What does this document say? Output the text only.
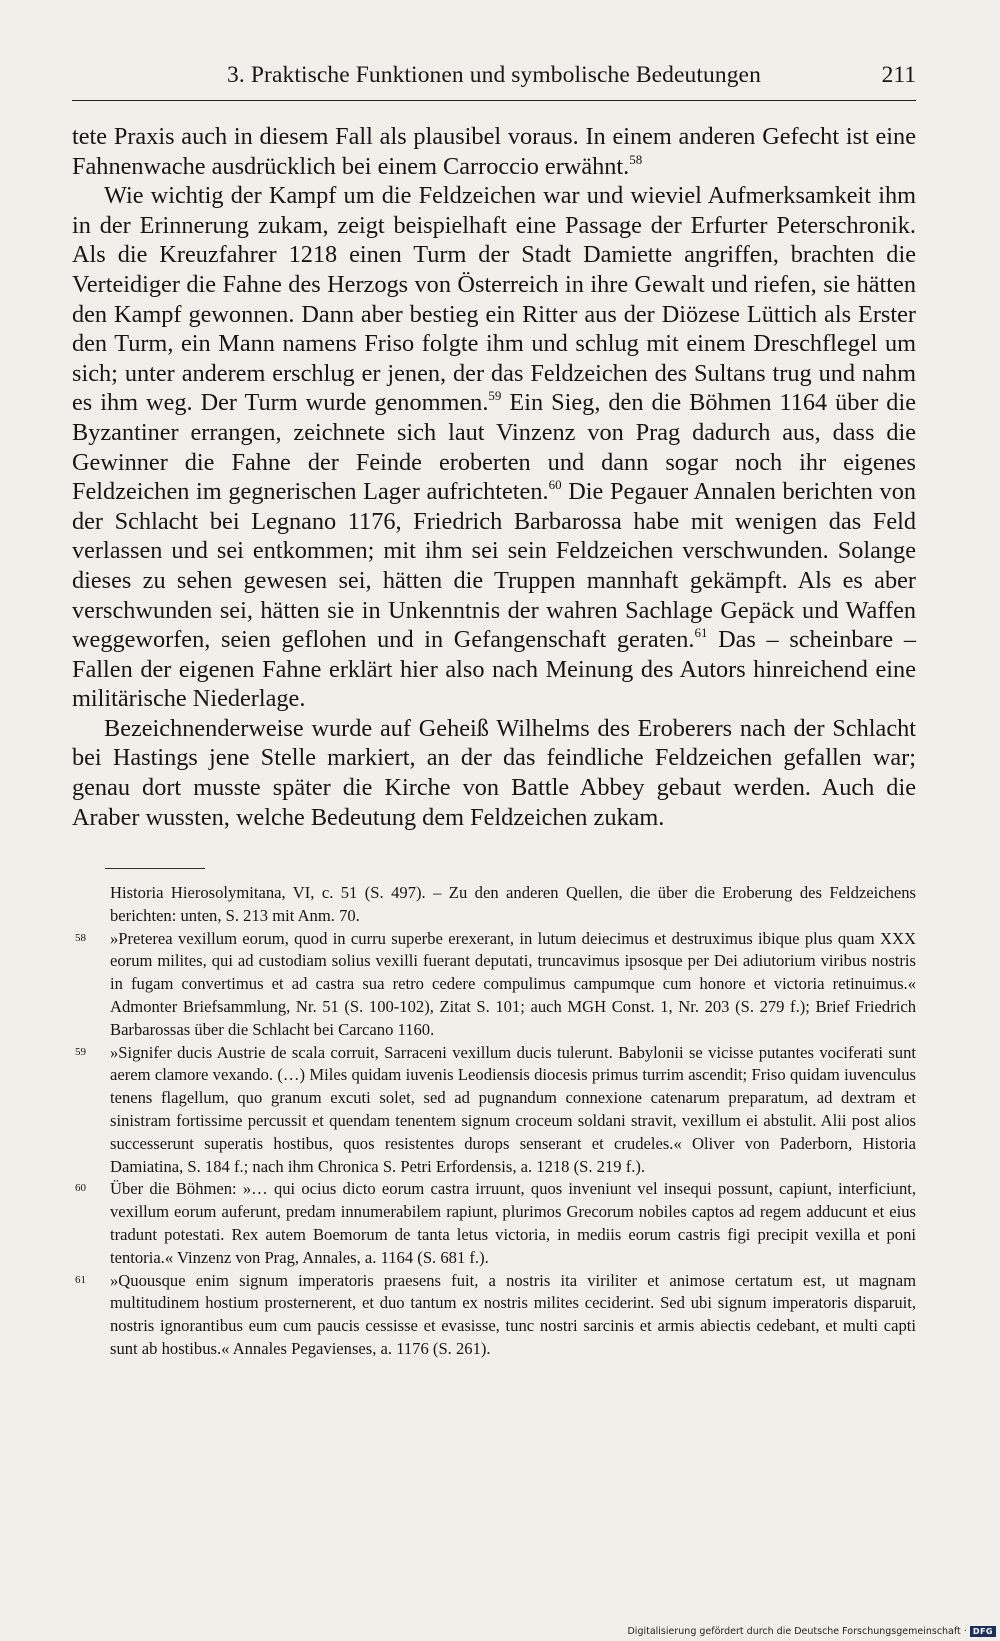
3. Praktische Funktionen und symbolische Bedeutungen	211

tete Praxis auch in diesem Fall als plausibel voraus. In einem anderen Gefecht ist eine Fahnenwache ausdrücklich bei einem Carroccio erwähnt.$^{58}$

Wie wichtig der Kampf um die Feldzeichen war und wieviel Aufmerksamkeit ihm in der Erinnerung zukam, zeigt beispielhaft eine Passage der Erfurter Peterschronik. Als die Kreuzfahrer 1218 einen Turm der Stadt Damiette angriffen, brachten die Verteidiger die Fahne des Herzogs von Österreich in ihre Gewalt und riefen, sie hätten den Kampf gewonnen. Dann aber bestieg ein Ritter aus der Diözese Lüttich als Erster den Turm, ein Mann namens Friso folgte ihm und schlug mit einem Dreschflegel um sich; unter anderem erschlug er jenen, der das Feldzeichen des Sultans trug und nahm es ihm weg. Der Turm wurde genommen.$^{59}$ Ein Sieg, den die Böhmen 1164 über die Byzantiner errangen, zeichnete sich laut Vinzenz von Prag dadurch aus, dass die Gewinner die Fahne der Feinde eroberten und dann sogar noch ihr eigenes Feldzeichen im gegnerischen Lager aufrichteten.$^{60}$ Die Pegauer Annalen berichten von der Schlacht bei Legnano 1176, Friedrich Barbarossa habe mit wenigen das Feld verlassen und sei entkommen; mit ihm sei sein Feldzeichen verschwunden. Solange dieses zu sehen gewesen sei, hätten die Truppen mannhaft gekämpft. Als es aber verschwunden sei, hätten sie in Unkenntnis der wahren Sachlage Gepäck und Waffen weggeworfen, seien geflohen und in Gefangenschaft geraten.$^{61}$ Das – scheinbare – Fallen der eigenen Fahne erklärt hier also nach Meinung des Autors hinreichend eine militärische Niederlage.

Bezeichnenderweise wurde auf Geheiß Wilhelms des Eroberers nach der Schlacht bei Hastings jene Stelle markiert, an der das feindliche Feldzeichen gefallen war; genau dort musste später die Kirche von Battle Abbey gebaut werden. Auch die Araber wussten, welche Bedeutung dem Feldzeichen zukam.

Historia Hierosolymitana, VI, c. 51 (S. 497). – Zu den anderen Quellen, die über die Eroberung des Feldzeichens berichten: unten, S. 213 mit Anm. 70.
58 »Preterea vexillum eorum, quod in curru superbe erexerant, in lutum deiecimus et destruximus ibique plus quam XXX eorum milites, qui ad custodiam solius vexilli fuerant deputati, truncavimus ipsosque per Dei adiutorium viribus nostris in fugam convertimus et ad castra sua retro cedere compulimus campumque cum honore et victoria retinuimus.« Admonter Briefsammlung, Nr. 51 (S. 100-102), Zitat S. 101; auch MGH Const. 1, Nr. 203 (S. 279 f.); Brief Friedrich Barbarossas über die Schlacht bei Carcano 1160.
59 »Signifer ducis Austrie de scala corruit, Sarraceni vexillum ducis tulerunt. Babylonii se vicisse putantes vociferati sunt aerem clamore vexando. (…) Miles quidam iuvenis Leodiensis diocesis primus turrim ascendit; Friso quidam iuvenculus tenens flagellum, quo granum excuti solet, sed ad pugnandum connexione catenarum preparatum, ad dextram et sinistram fortissime percussit et quendam tenentem signum croceum soldani stravit, vexillum ei abstulit. Alii post alios successerunt superatis hostibus, quos resistentes durops senserant et crudeles.« Oliver von Paderborn, Historia Damiatina, S. 184 f.; nach ihm Chronica S. Petri Erfordensis, a. 1218 (S. 219 f.).
60 Über die Böhmen: »… qui ocius dicto eorum castra irruunt, quos inveniunt vel insequi possunt, capiunt, interficiunt, vexillum eorum auferunt, predam innumerabilem rapiunt, plurimos Grecorum nobiles captos ad regem adducunt et eius tradunt potestati. Rex autem Boemorum de tanta letus victoria, in mediis eorum castris figi precipit vexilla et poni tentoria.« Vinzenz von Prag, Annales, a. 1164 (S. 681 f.).
61 »Quousque enim signum imperatoris praesens fuit, a nostris ita viriliter et animose certatum est, ut magnam multitudinem hostium prosternerent, et duo tantum ex nostris milites ceciderint. Sed ubi signum imperatoris disparuit, nostris ignorantibus eum cum paucis cessisse et evasisse, tunc nostri sarcinis et armis abiectis cedebant, et multi capti sunt ab hostibus.« Annales Pegavienses, a. 1176 (S. 261).
Digitalisierung gefördert durch die Deutsche Forschungsgemeinschaft · DFG
